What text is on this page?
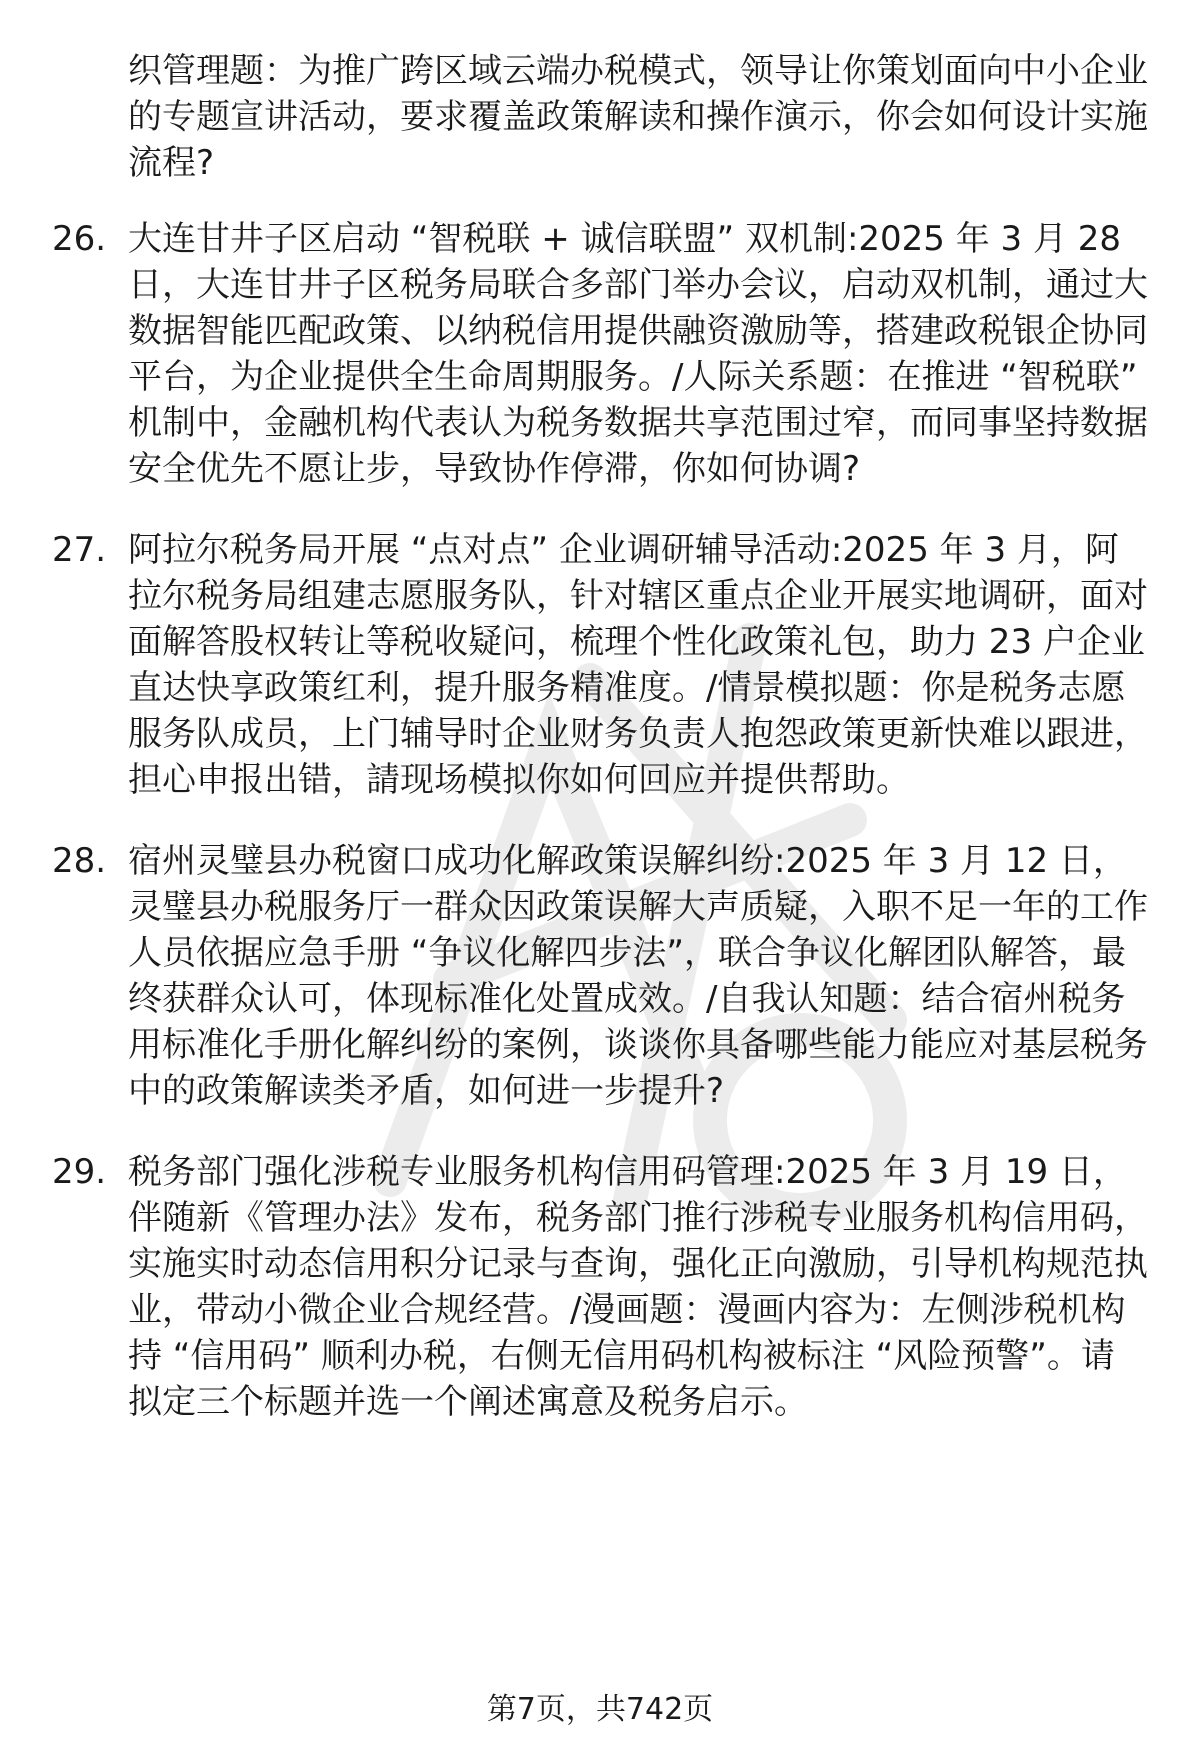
织管理题：为推广跨区域云端办税模式，领导让你策划面向中小企业的专题宣讲活动，要求覆盖政策解读和操作演示，你会如何设计实施流程?
26. 大连甘井子区启动 “智税联 + 诚信联盟” 双机制:2025 年 3 月 28 日，大连甘井子区税务局联合多部门举办会议，启动双机制，通过大数据智能匹配政策、以纳税信用提供融资激励等，搭建政税银企协同平台，为企业提供全生命周期服务。/人际关系题：在推进 “智税联” 机制中，金融机构代表认为税务数据共享范围过窄，而同事坚持数据安全优先不愿让步，导致协作停滞，你如何协调?
27. 阿拉尔税务局开展 “点对点” 企业调研辅导活动:2025 年 3 月，阿拉尔税务局组建志愿服务队，针对辖区重点企业开展实地调研，面对面解答股权转让等税收疑问，梳理个性化政策礼包，助力 23 户企业直达快享政策红利，提升服务精准度。/情景模拟题：你是税务志愿服务队成员，上门辅导时企业财务负责人抱怨政策更新快难以跟进，担心申报出错，請现场模拟你如何回应并提供帮助。
28. 宿州灵璧县办税窗口成功化解政策误解纠纷:2025 年 3 月 12 日，灵璧县办税服务厅一群众因政策误解大声质疑，入职不足一年的工作人员依据应急手册 “争议化解四步法”，联合争议化解团队解答，最终获群众认可，体现标准化处置成效。/自我认知题：结合宿州税务用标准化手册化解纠纷的案例，谈谈你具备哪些能力能应对基层税务中的政策解读类矛盾，如何进一步提升?
29. 税务部门强化涉税专业服务机构信用码管理:2025 年 3 月 19 日，伴随新《管理办法》发布，税务部门推行涉税专业服务机构信用码，实施实时动态信用积分记录与查询，强化正向激励，引导机构规范执业，带动小微企业合规经营。/漫画题：漫画内容为：左侧涉税机构持 “信用码” 顺利办税，右侧无信用码机构被标注 “风险预警”。请拟定三个标题并选一个阐述寓意及税务启示。
第7页，共742页
